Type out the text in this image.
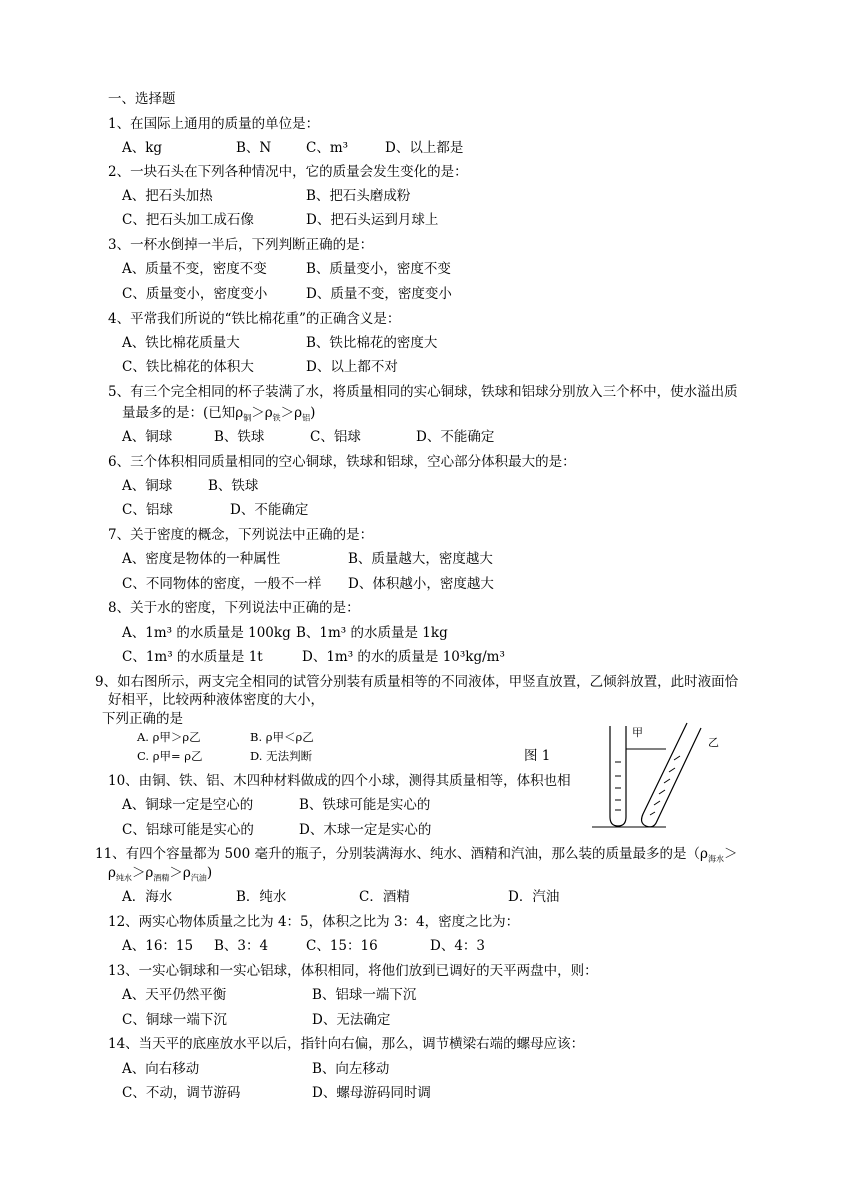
一、选择题
1、在国际上通用的质量的单位是：
A、kg	B、N	C、m³	D、以上都是
2、一块石头在下列各种情况中，它的质量会发生变化的是：
A、把石头加热	B、把石头磨成粉
C、把石头加工成石像	D、把石头运到月球上
3、一杯水倒掉一半后，下列判断正确的是：
A、质量不变，密度不变	B、质量变小，密度不变
C、质量变小，密度变小	D、质量不变，密度变小
4、平常我们所说的“铁比棉花重”的正确含义是：
A、铁比棉花质量大	B、铁比棉花的密度大
C、铁比棉花的体积大	D、以上都不对
5、有三个完全相同的杯子装满了水，将质量相同的实心铜球，铁球和铝球分别放入三个杯中，使水溢出质
量最多的是：(已知$\rho_铜>\rho_铁>\rho_铝$)
A、铜球	B、铁球	C、铝球	D、不能确定
6、三个体积相同质量相同的空心铜球，铁球和铝球，空心部分体积最大的是：
A、铜球	B、铁球
C、铝球	D、不能确定
7、关于密度的概念，下列说法中正确的是：
A、密度是物体的一种属性	B、质量越大，密度越大
C、不同物体的密度，一般不一样 D、体积越小，密度越大
8、关于水的密度，下列说法中正确的是：
A、1m³ 的水质量是 100kg B、1m³ 的水质量是 1kg
C、1m³ 的水质量是 1t	D、1m³ 的水的质量是 10³kg/m³
9、如右图所示，两支完全相同的试管分别装有质量相等的不同液体，甲竖直放置，乙倾斜放置，此时液面恰
好相平，比较两种液体密度的大小，
下列正确的是
A. ρ甲＞ρ乙	B. ρ甲＜ρ乙
C. ρ甲= ρ乙	D. 无法判断	图 1
甲
乙
10、由铜、铁、铝、木四种材料做成的四个小球，测得其质量相等，体积也相
A、铜球一定是空心的	B、铁球可能是实心的
C、铝球可能是实心的	D、木球一定是实心的
11、有四个容量都为 500 毫升的瓶子，分别装满海水、纯水、酒精和汽油，那么装的质量最多的是（$\rho_{海水}>$
$\rho_{纯水}>\rho_{酒精}>\rho_{汽油}$)
A．海水	B．纯水	C．酒精	D．汽油
12、两实心物体质量之比为 4：5，体积之比为 3：4，密度之比为：
A、16：15 B、3：4	C、15：16	D、4：3
13、一实心铜球和一实心铝球，体积相同，将他们放到已调好的天平两盘中，则：
A、天平仍然平衡	B、铝球一端下沉
C、铜球一端下沉	D、无法确定
14、当天平的底座放水平以后，指针向右偏，那么，调节横梁右端的螺母应该：
A、向右移动	B、向左移动
C、不动，调节游码	D、螺母游码同时调
